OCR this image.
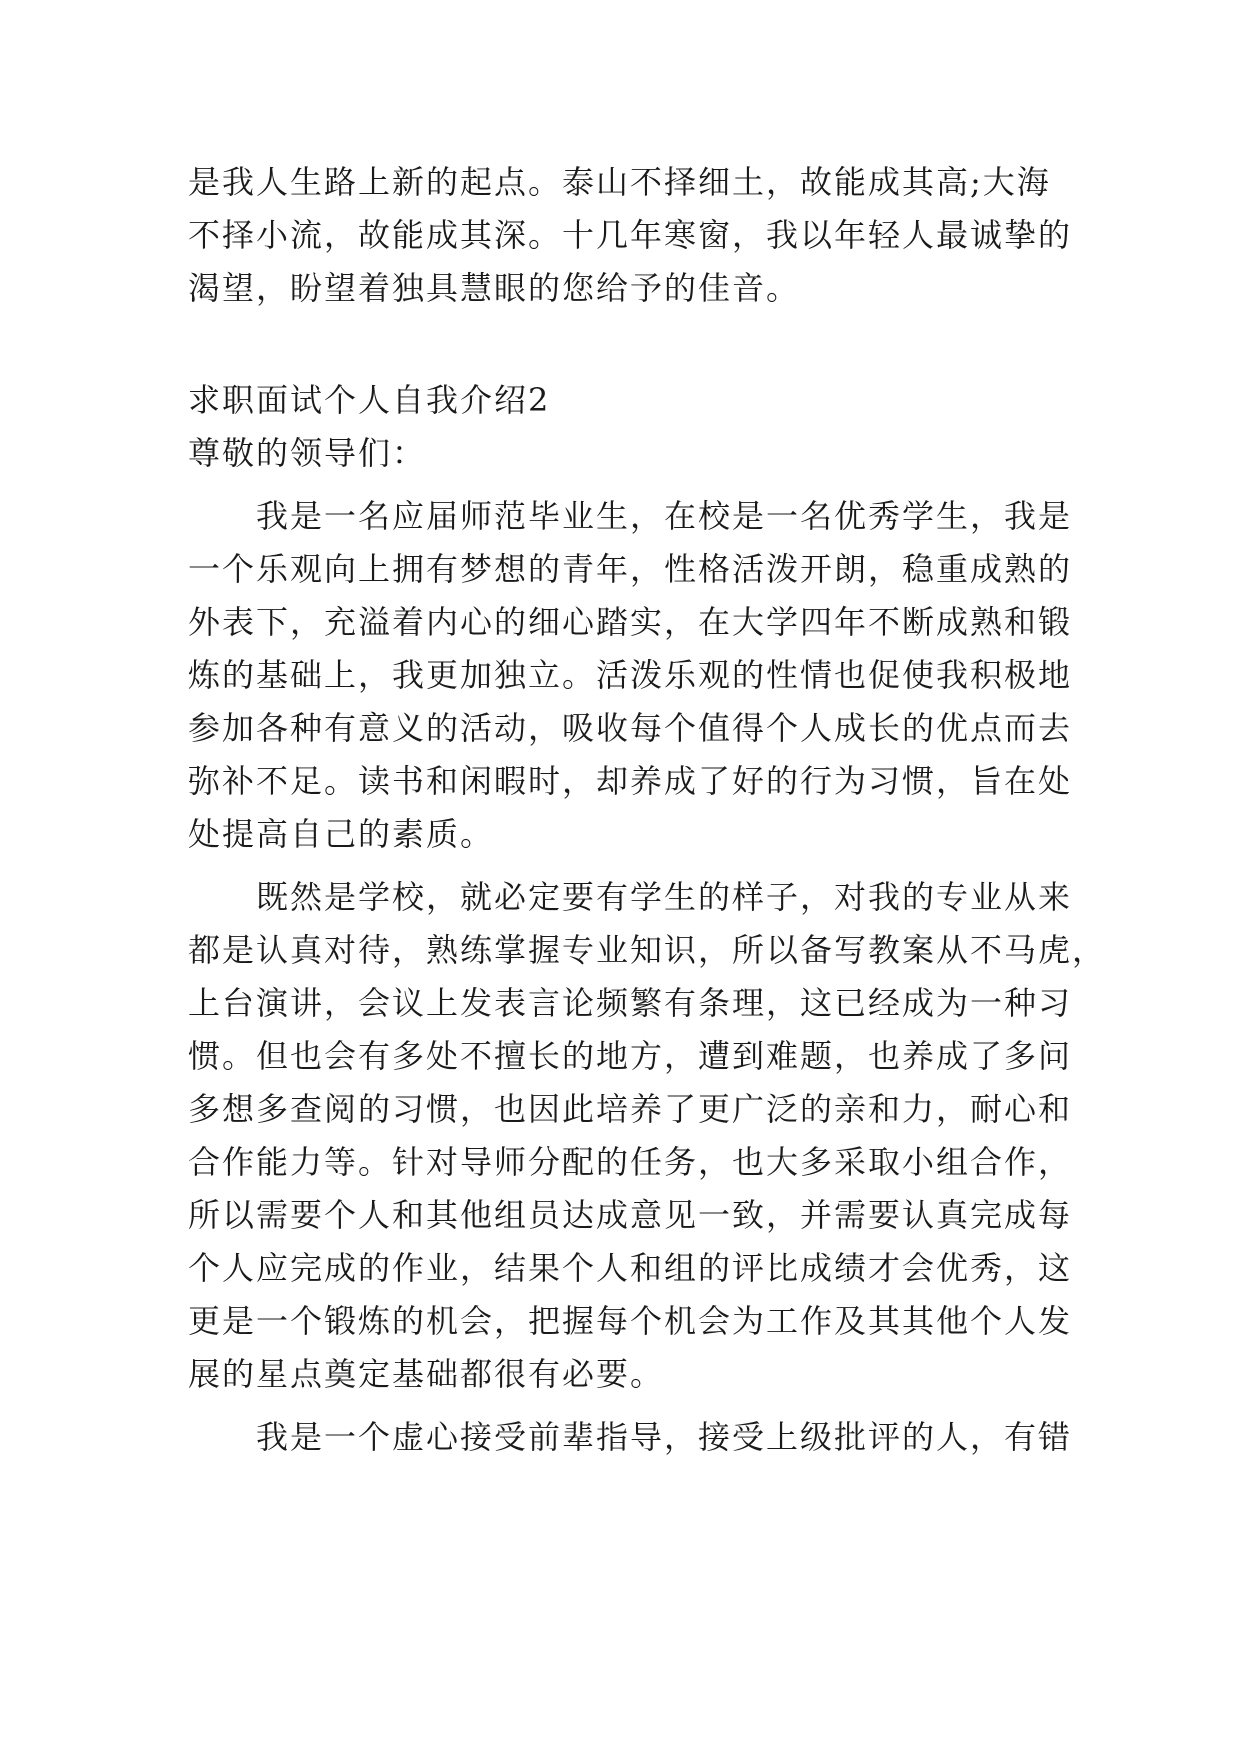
是我人生路上新的起点。泰山不择细土，故能成其高;大海
不择小流，故能成其深。十几年寒窗，我以年轻人最诚挚的
渴望，盼望着独具慧眼的您给予的佳音。
求职面试个人自我介绍2
尊敬的领导们：
我是一名应届师范毕业生，在校是一名优秀学生，我是
一个乐观向上拥有梦想的青年，性格活泼开朗，稳重成熟的
外表下，充溢着内心的细心踏实，在大学四年不断成熟和锻
炼的基础上，我更加独立。活泼乐观的性情也促使我积极地
参加各种有意义的活动，吸收每个值得个人成长的优点而去
弥补不足。读书和闲暇时，却养成了好的行为习惯，旨在处
处提高自己的素质。
既然是学校，就必定要有学生的样子，对我的专业从来
都是认真对待，熟练掌握专业知识，所以备写教案从不马虎，
上台演讲，会议上发表言论频繁有条理，这已经成为一种习
惯。但也会有多处不擅长的地方，遭到难题，也养成了多问
多想多查阅的习惯，也因此培养了更广泛的亲和力，耐心和
合作能力等。针对导师分配的任务，也大多采取小组合作，
所以需要个人和其他组员达成意见一致，并需要认真完成每
个人应完成的作业，结果个人和组的评比成绩才会优秀，这
更是一个锻炼的机会，把握每个机会为工作及其其他个人发
展的星点奠定基础都很有必要。
我是一个虚心接受前辈指导，接受上级批评的人，有错
